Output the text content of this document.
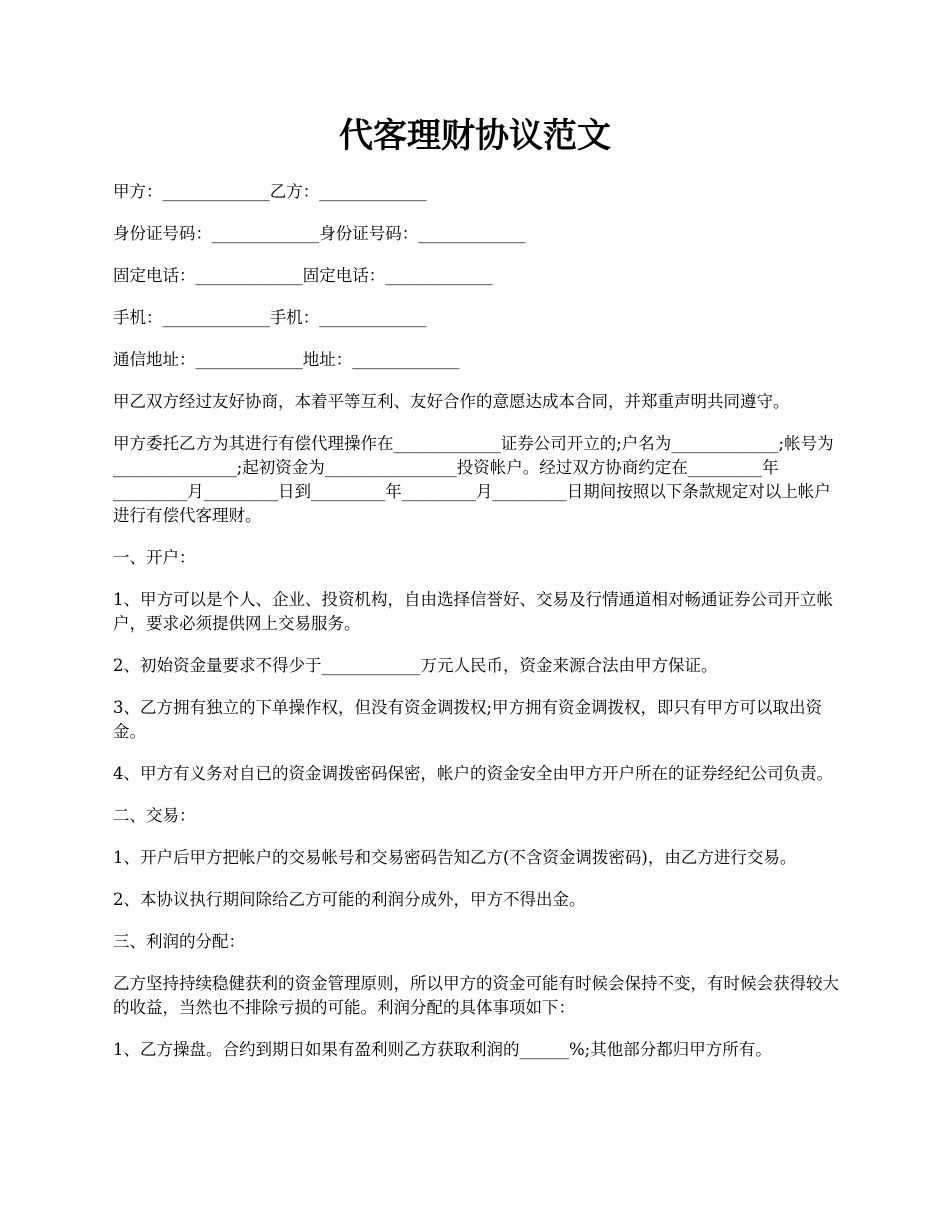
代客理财协议范文

甲方：_____________乙方：_____________

身份证号码：_____________身份证号码：_____________

固定电话：_____________固定电话：_____________

手机：_____________手机：_____________

通信地址：_____________地址：_____________

甲乙双方经过友好协商，本着平等互利、友好合作的意愿达成本合同，并郑重声明共同遵守。

甲方委托乙方为其进行有偿代理操作在_____________证券公司开立的;户名为_____________;帐号为_______________;起初资金为________________投资帐户。经过双方协商约定在_________年_________月_________日到_________年_________月_________日期间按照以下条款规定对以上帐户进行有偿代客理财。

一、开户：

1、甲方可以是个人、企业、投资机构，自由选择信誉好、交易及行情通道相对畅通证券公司开立帐户，要求必须提供网上交易服务。

2、初始资金量要求不得少于____________万元人民币，资金来源合法由甲方保证。

3、乙方拥有独立的下单操作权，但没有资金调拨权;甲方拥有资金调拨权，即只有甲方可以取出资金。

4、甲方有义务对自已的资金调拨密码保密，帐户的资金安全由甲方开户所在的证券经纪公司负责。

二、交易：

1、开户后甲方把帐户的交易帐号和交易密码告知乙方(不含资金调拨密码)，由乙方进行交易。

2、本协议执行期间除给乙方可能的利润分成外，甲方不得出金。

三、利润的分配：

乙方坚持持续稳健获利的资金管理原则，所以甲方的资金可能有时候会保持不变，有时候会获得较大的收益，当然也不排除亏损的可能。利润分配的具体事项如下：

1、乙方操盘。合约到期日如果有盈利则乙方获取利润的______%;其他部分都归甲方所有。
